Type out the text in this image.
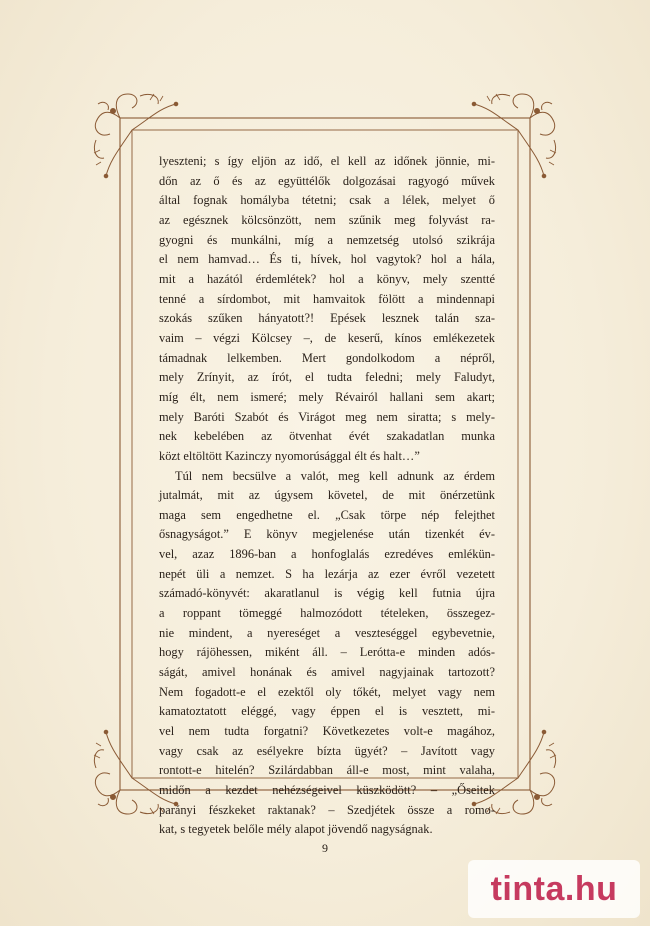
lyeszteni; s így eljön az idő, el kell az időnek jönnie, mi-
dőn az ő és az együttélők dolgozásai ragyogó művek
által fognak homályba tétetni; csak a lélek, melyet ő
az egésznek kölcsönzött, nem szűnik meg folyvást ra-
gyogni és munkálni, míg a nemzetség utolsó szikrája
el nem hamvad… És ti, hívek, hol vagytok? hol a hála,
mit a hazától érdemlétek? hol a könyv, mely szentté
tenné a sírdombot, mit hamvaitok fölött a mindennapi
szokás szűken hányatott?! Epések lesznek talán sza-
vaim – végzi Kölcsey –, de keserű, kínos emlékezetek
támadnak lelkemben. Mert gondolkodom a népről,
mely Zrínyit, az írót, el tudta feledni; mely Faludyt,
míg élt, nem ismeré; mely Révairól hallani sem akart;
mely Baróti Szabót és Virágot meg nem siratta; s mely-
nek kebelében az ötvenhat évét szakadatlan munka
közt eltöltött Kazinczy nyomorúsággal élt és halt…”

Túl nem becsülve a valót, meg kell adnunk az érdem
jutalmát, mit az úgysem követel, de mit önérzetünk
maga sem engedhetne el. „Csak törpe nép felejthet
ősnagyságot.” E könyv megjelenése után tizenkét év-
vel, azaz 1896-ban a honfoglalás ezredéves emlékün-
nepét üli a nemzet. S ha lezárja az ezer évről vezetett
számadó-könyvét: akaratlanul is végig kell futnia újra
a roppant tömeggé halmozódott tételeken, összegez-
nie mindent, a nyereséget a veszteséggel egybevetnie,
hogy rájöhessen, miként áll. – Lerótta-e minden adós-
ságát, amivel honának és amivel nagyjainak tartozott?
Nem fogadott-e el ezektől oly tőkét, melyet vagy nem
kamatoztatott eléggé, vagy éppen el is vesztett, mi-
vel nem tudta forgatni? Következetes volt-e magához,
vagy csak az esélyekre bízta ügyét? – Javított vagy
rontott-e hitelén? Szilárdabban áll-e most, mint valaha,
midőn a kezdet nehézségeivel küszködött? – „Őseitek
parányi fészkeket raktanak? – Szedjétek össze a romo-
kat, s tegyetek belőle mély alapot jövendő nagyságnak.

9
tinta.hu
